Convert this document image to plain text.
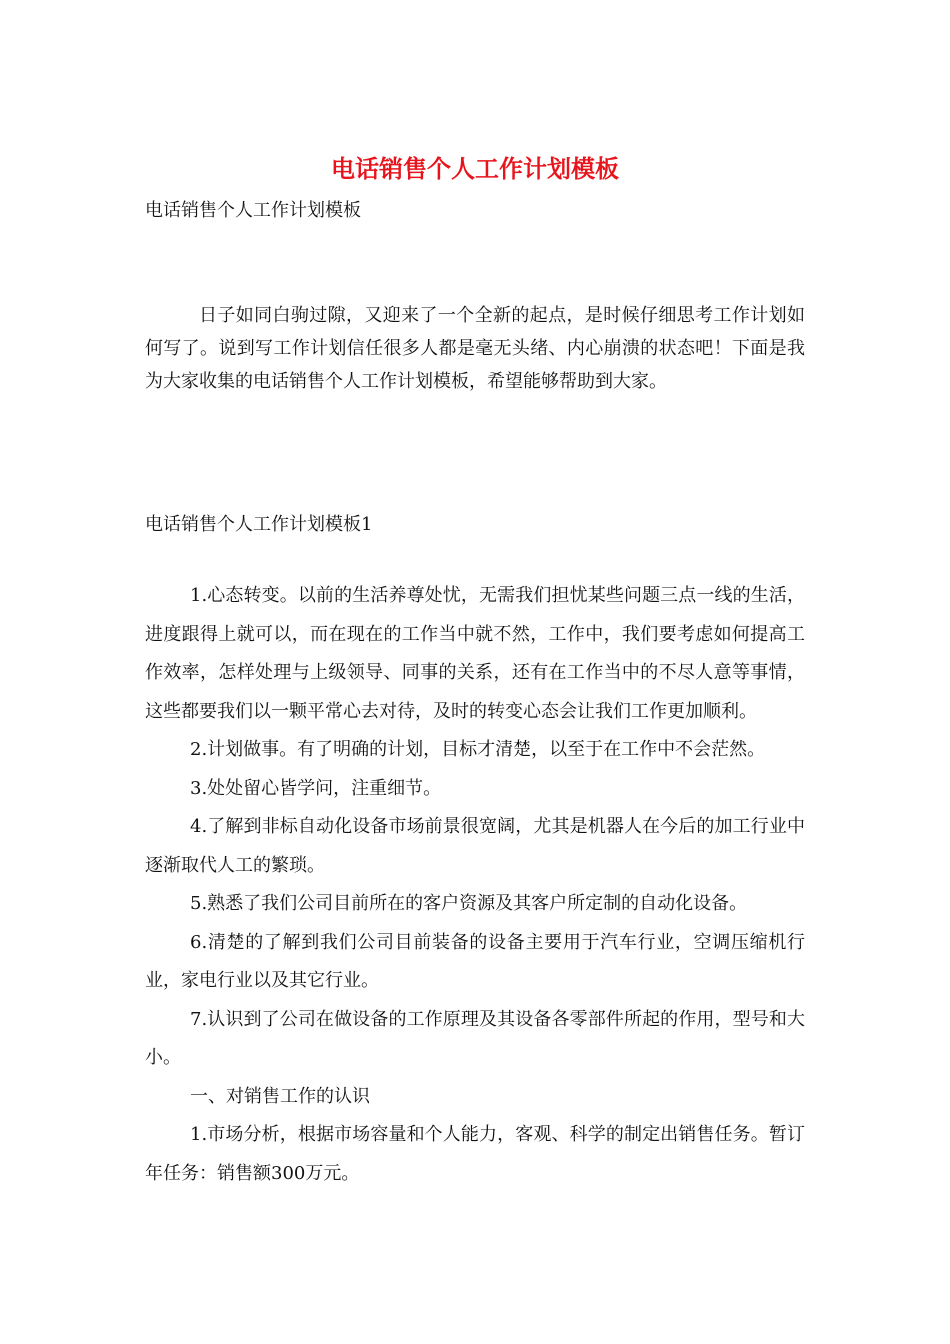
电话销售个人工作计划模板
电话销售个人工作计划模板

日子如同白驹过隙，又迎来了一个全新的起点，是时候仔细思考工作计划如何写了。说到写工作计划信任很多人都是毫无头绪、内心崩溃的状态吧！下面是我为大家收集的电话销售个人工作计划模板，希望能够帮助到大家。

电话销售个人工作计划模板1

1.心态转变。以前的生活养尊处忧，无需我们担忧某些问题三点一线的生活，进度跟得上就可以，而在现在的工作当中就不然，工作中，我们要考虑如何提高工作效率，怎样处理与上级领导、同事的关系，还有在工作当中的不尽人意等事情，这些都要我们以一颗平常心去对待，及时的转变心态会让我们工作更加顺利。

2.计划做事。有了明确的计划，目标才清楚，以至于在工作中不会茫然。

3.处处留心皆学问，注重细节。

4.了解到非标自动化设备市场前景很宽阔，尤其是机器人在今后的加工行业中逐渐取代人工的繁琐。

5.熟悉了我们公司目前所在的客户资源及其客户所定制的自动化设备。

6.清楚的了解到我们公司目前装备的设备主要用于汽车行业，空调压缩机行业，家电行业以及其它行业。

7.认识到了公司在做设备的工作原理及其设备各零部件所起的作用，型号和大小。

一、对销售工作的认识

1.市场分析，根据市场容量和个人能力，客观、科学的制定出销售任务。暂订年任务：销售额300万元。
